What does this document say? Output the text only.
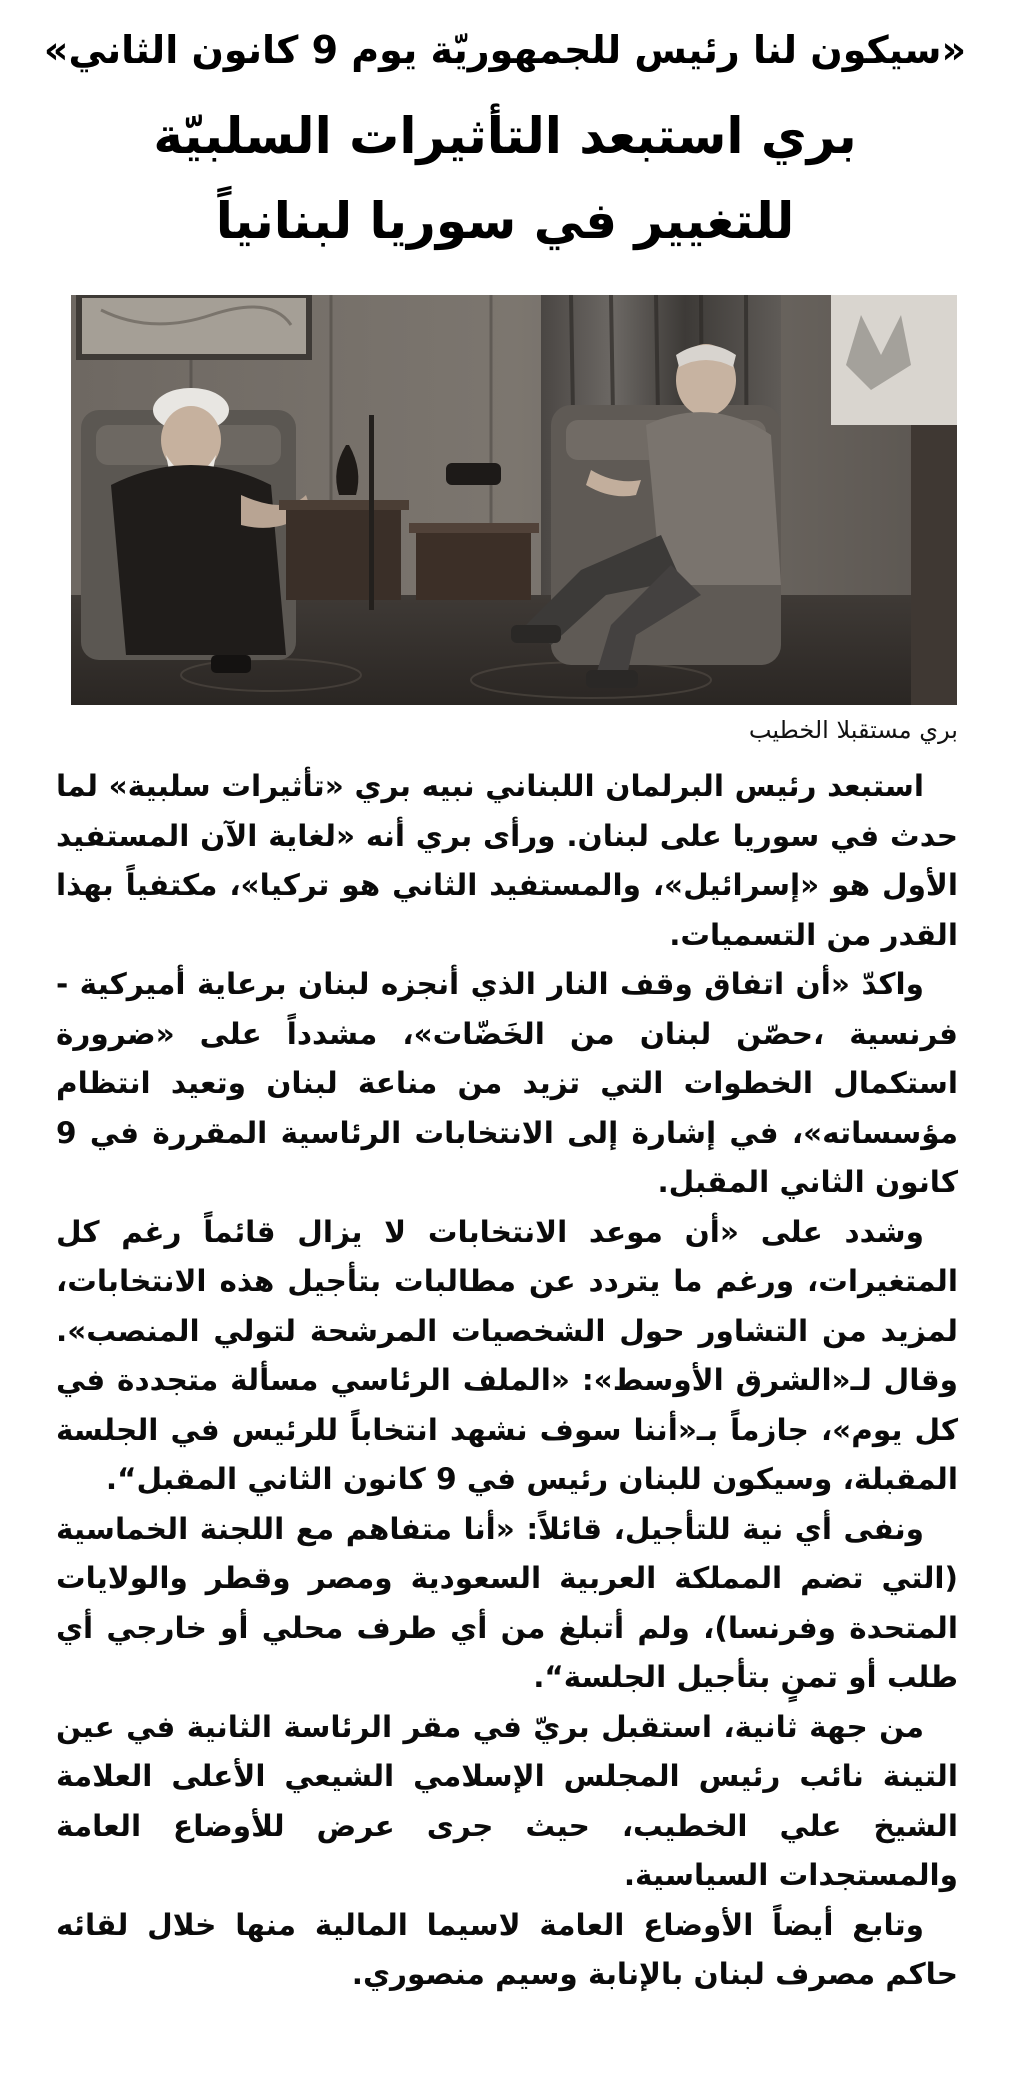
«سيكون لنا رئيس للجمهوريّة يوم 9 كانون الثاني»
بري استبعد التأثيرات السلبيّة
للتغيير في سوريا لبنانياً
بري مستقبلا الخطيب

استبعد رئيس البرلمان اللبناني نبيه بري «تأثيرات سلبية» لما حدث في سوريا على لبنان. ورأى بري أنه «لغاية الآن المستفيد الأول هو «إسرائيل»، والمستفيد الثاني هو تركيا»، مكتفياً بهذا القدر من التسميات.

واكدّ «أن اتفاق وقف النار الذي أنجزه لبنان برعاية أميركية - فرنسية ،حصّن لبنان من الخَضّات»، مشدداً على «ضرورة استكمال الخطوات التي تزيد من مناعة لبنان وتعيد انتظام مؤسساته»، في إشارة إلى الانتخابات الرئاسية المقررة في 9 كانون الثاني المقبل.

وشدد على «أن موعد الانتخابات لا يزال قائماً رغم كل المتغيرات، ورغم ما يتردد عن مطالبات بتأجيل هذه الانتخابات، لمزيد من التشاور حول الشخصيات المرشحة لتولي المنصب». وقال لـ«الشرق الأوسط»: «الملف الرئاسي مسألة متجددة في كل يوم»، جازماً بـ«أننا سوف نشهد انتخاباً للرئيس في الجلسة المقبلة، وسيكون للبنان رئيس في 9 كانون الثاني المقبل“.

ونفى أي نية للتأجيل، قائلاً: «أنا متفاهم مع اللجنة الخماسية (التي تضم المملكة العربية السعودية ومصر وقطر والولايات المتحدة وفرنسا)، ولم أتبلغ من أي طرف محلي أو خارجي أي طلب أو تمنٍ بتأجيل الجلسة“.

من جهة ثانية، استقبل بريّ في مقر الرئاسة الثانية في عين التينة نائب رئيس المجلس الإسلامي الشيعي الأعلى العلامة الشيخ علي الخطيب، حيث جرى عرض للأوضاع العامة والمستجدات السياسية.

وتابع أيضاً الأوضاع العامة لاسيما المالية منها خلال لقائه حاكم مصرف لبنان بالإنابة وسيم منصوري.
